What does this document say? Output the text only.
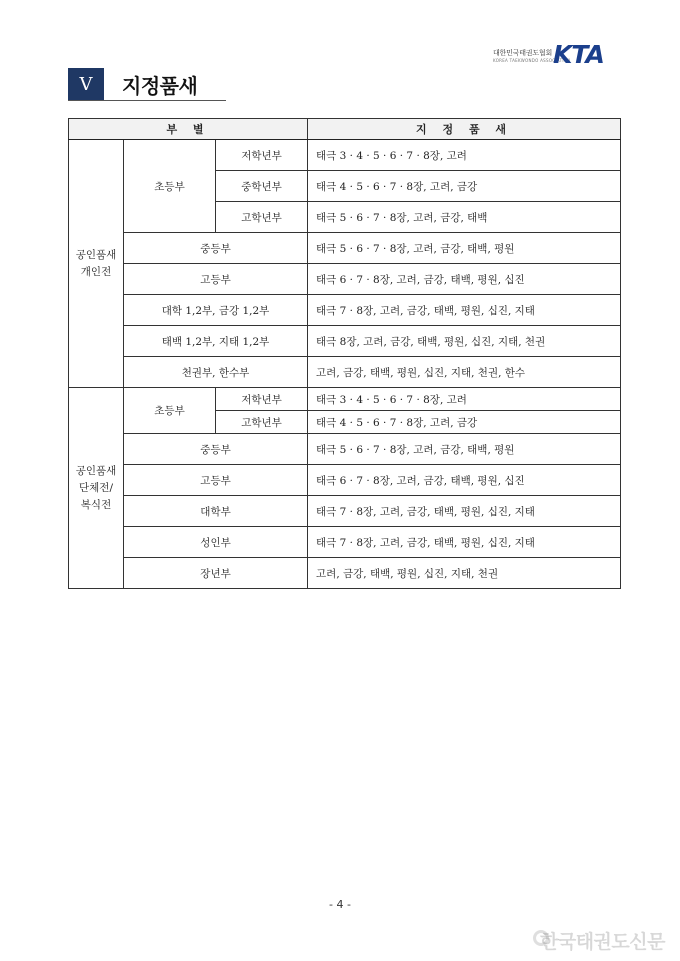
대한민국태권도협회
KOREA TAEKWONDO ASSOCIATION
KTA
V	지정품새
부 별			지 정 품 새
공인품새
개인전	초등부	저학년부	태극 3 · 4 · 5 · 6 · 7 · 8장, 고려
		중학년부	태극 4 · 5 · 6 · 7 · 8장, 고려, 금강
		고학년부	태극 5 · 6 · 7 · 8장, 고려, 금강, 태백
	중등부		태극 5 · 6 · 7 · 8장, 고려, 금강, 태백, 평원
	고등부		태극 6 · 7 · 8장, 고려, 금강, 태백, 평원, 십진
	대학 1,2부, 금강 1,2부		태극 7 · 8장, 고려, 금강, 태백, 평원, 십진, 지태
	태백 1,2부, 지태 1,2부		태극 8장, 고려, 금강, 태백, 평원, 십진, 지태, 천권
	천권부, 한수부		고려, 금강, 태백, 평원, 십진, 지태, 천권, 한수
공인품새
단체전/
복식전	초등부	저학년부	태극 3 · 4 · 5 · 6 · 7 · 8장, 고려
		고학년부	태극 4 · 5 · 6 · 7 · 8장, 고려, 금강
	중등부		태극 5 · 6 · 7 · 8장, 고려, 금강, 태백, 평원
	고등부		태극 6 · 7 · 8장, 고려, 금강, 태백, 평원, 십진
	대학부		태극 7 · 8장, 고려, 금강, 태백, 평원, 십진, 지태
	성인부		태극 7 · 8장, 고려, 금강, 태백, 평원, 십진, 지태
	장년부		고려, 금강, 태백, 평원, 십진, 지태, 천권
- 4 -
한국태권도신문
